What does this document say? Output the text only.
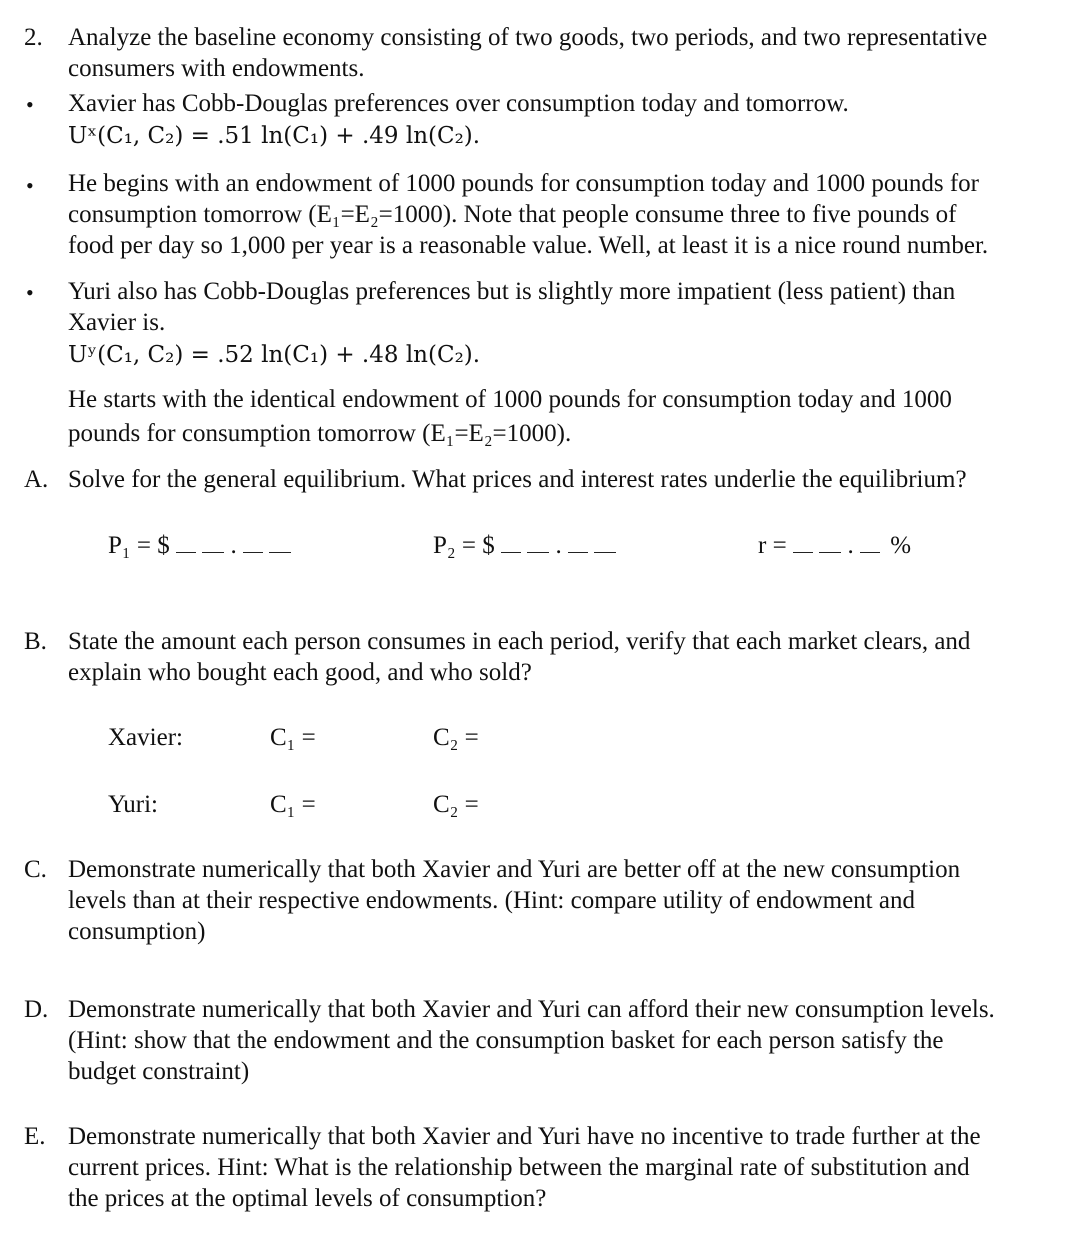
2. Analyze the baseline economy consisting of two goods, two periods, and two representative
consumers with endowments.
• Xavier has Cobb-Douglas preferences over consumption today and tomorrow.
Uˣ(C₁, C₂) = .51 ln(C₁) + .49 ln(C₂).
• He begins with an endowment of 1000 pounds for consumption today and 1000 pounds for
consumption tomorrow (E₁=E₂=1000). Note that people consume three to five pounds of
food per day so 1,000 per year is a reasonable value. Well, at least it is a nice round number.
• Yuri also has Cobb-Douglas preferences but is slightly more impatient (less patient) than
Xavier is.
Uʸ(C₁, C₂) = .52 ln(C₁) + .48 ln(C₂).
He starts with the identical endowment of 1000 pounds for consumption today and 1000
pounds for consumption tomorrow (E₁=E₂=1000).
A. Solve for the general equilibrium. What prices and interest rates underlie the equilibrium?
P₁ = $ .	P₂ = $ .	r = . %
B. State the amount each person consumes in each period, verify that each market clears, and
explain who bought each good, and who sold?
Xavier:	C₁ =	C₂ =
Yuri:	C₁ =	C₂ =
C. Demonstrate numerically that both Xavier and Yuri are better off at the new consumption
levels than at their respective endowments. (Hint: compare utility of endowment and
consumption)
D. Demonstrate numerically that both Xavier and Yuri can afford their new consumption levels.
(Hint: show that the endowment and the consumption basket for each person satisfy the
budget constraint)
E. Demonstrate numerically that both Xavier and Yuri have no incentive to trade further at the
current prices. Hint: What is the relationship between the marginal rate of substitution and
the prices at the optimal levels of consumption?
